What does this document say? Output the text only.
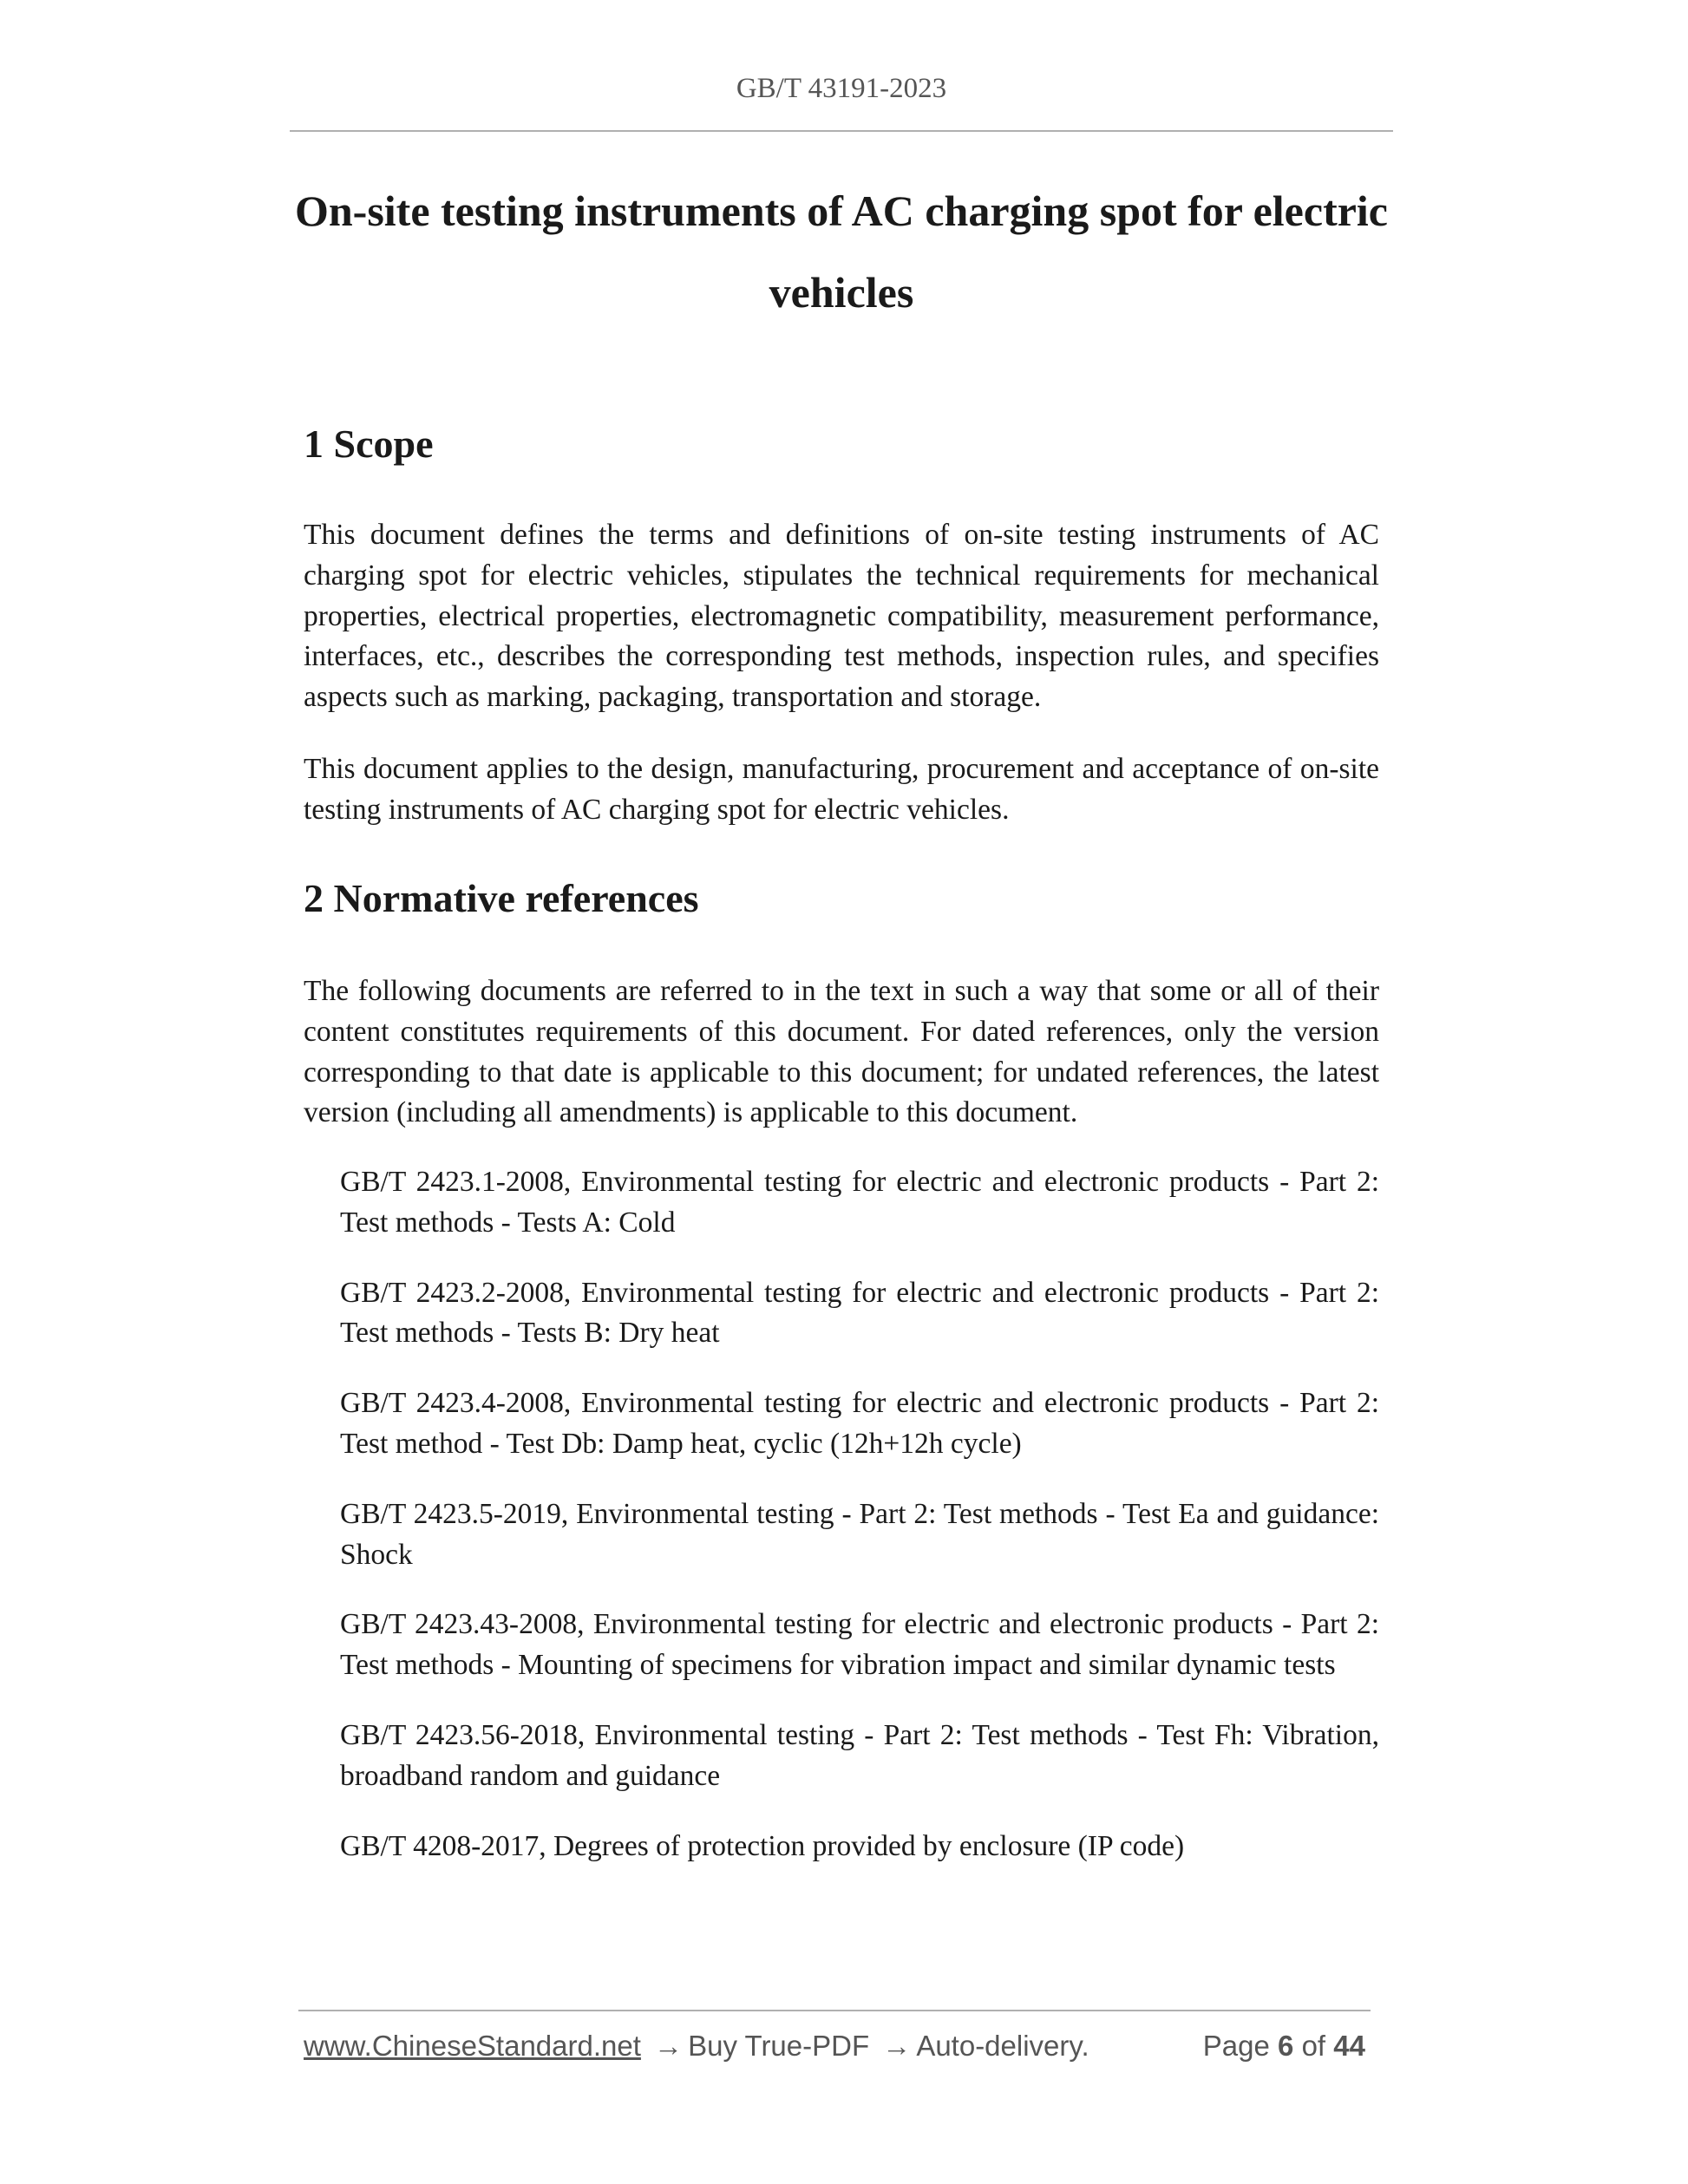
GB/T 43191-2023
On-site testing instruments of AC charging spot for electric vehicles
1 Scope

This document defines the terms and definitions of on-site testing instruments of AC charging spot for electric vehicles, stipulates the technical requirements for mechanical properties, electrical properties, electromagnetic compatibility, measurement performance, interfaces, etc., describes the corresponding test methods, inspection rules, and specifies aspects such as marking, packaging, transportation and storage.

This document applies to the design, manufacturing, procurement and acceptance of on-site testing instruments of AC charging spot for electric vehicles.

2 Normative references

The following documents are referred to in the text in such a way that some or all of their content constitutes requirements of this document. For dated references, only the version corresponding to that date is applicable to this document; for undated references, the latest version (including all amendments) is applicable to this document.

GB/T 2423.1-2008, Environmental testing for electric and electronic products - Part 2: Test methods - Tests A: Cold
GB/T 2423.2-2008, Environmental testing for electric and electronic products - Part 2: Test methods - Tests B: Dry heat
GB/T 2423.4-2008, Environmental testing for electric and electronic products - Part 2: Test method - Test Db: Damp heat, cyclic (12h+12h cycle)
GB/T 2423.5-2019, Environmental testing - Part 2: Test methods - Test Ea and guidance: Shock
GB/T 2423.43-2008, Environmental testing for electric and electronic products - Part 2: Test methods - Mounting of specimens for vibration impact and similar dynamic tests
GB/T 2423.56-2018, Environmental testing - Part 2: Test methods - Test Fh: Vibration, broadband random and guidance
GB/T 4208-2017, Degrees of protection provided by enclosure (IP code)
www.ChineseStandard.net → Buy True-PDF → Auto-delivery.	Page 6 of 44
